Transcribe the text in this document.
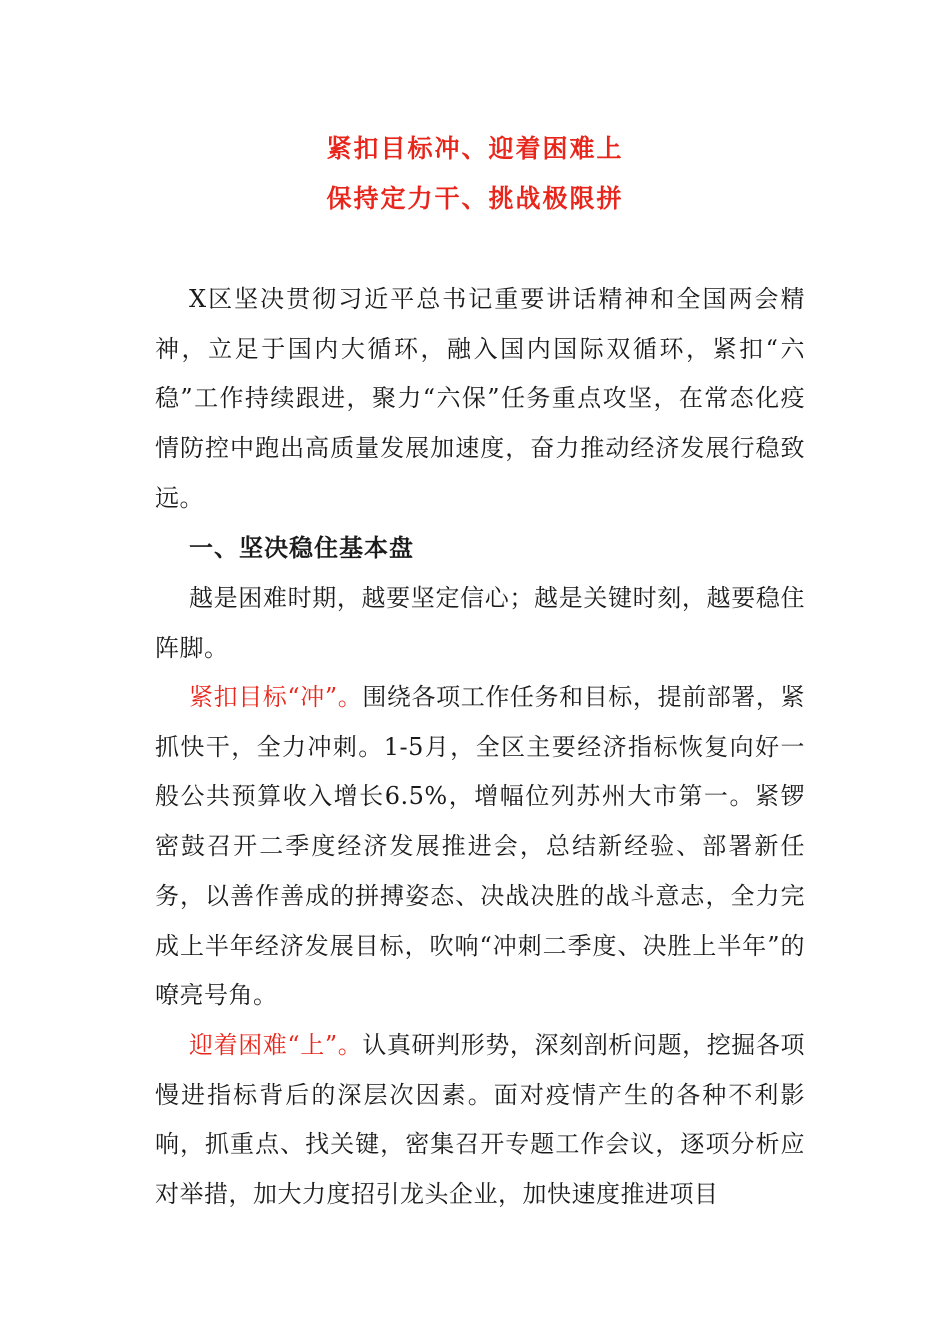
紧扣目标冲、迎着困难上
保持定力干、挑战极限拼

X区坚决贯彻习近平总书记重要讲话精神和全国两会精神，立足于国内大循环，融入国内国际双循环，紧扣“六稳”工作持续跟进，聚力“六保”任务重点攻坚，在常态化疫情防控中跑出高质量发展加速度，奋力推动经济发展行稳致远。

一、坚决稳住基本盘

越是困难时期，越要坚定信心；越是关键时刻，越要稳住阵脚。

紧扣目标“冲”。围绕各项工作任务和目标，提前部署，紧抓快干，全力冲刺。1-5月，全区主要经济指标恢复向好一般公共预算收入增长6.5%，增幅位列苏州大市第一。紧锣密鼓召开二季度经济发展推进会，总结新经验、部署新任务，以善作善成的拼搏姿态、决战决胜的战斗意志，全力完成上半年经济发展目标，吹响“冲刺二季度、决胜上半年”的嘹亮号角。

迎着困难“上”。认真研判形势，深刻剖析问题，挖掘各项慢进指标背后的深层次因素。面对疫情产生的各种不利影响，抓重点、找关键，密集召开专题工作会议，逐项分析应对举措，加大力度招引龙头企业，加快速度推进项目
